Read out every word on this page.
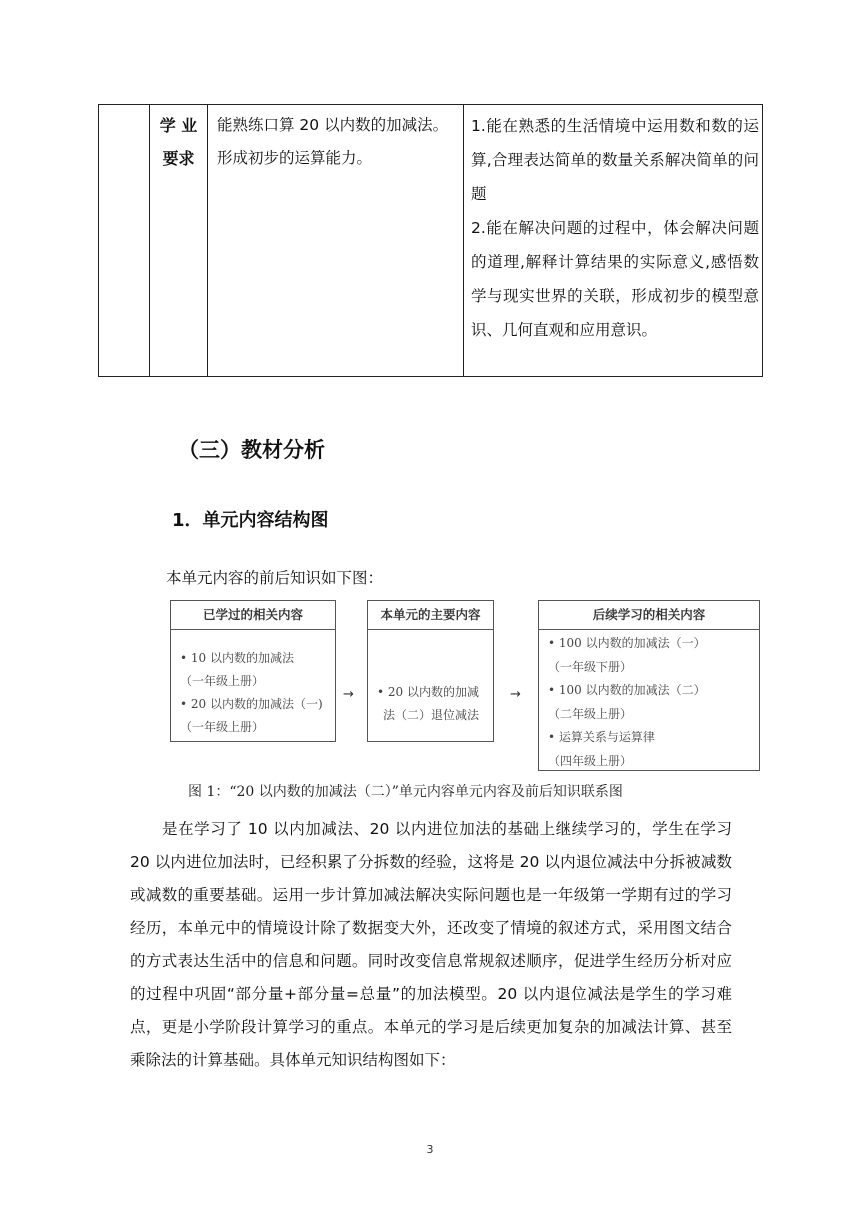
学 业
要求
能熟练口算 20 以内数的加减法。形成初步的运算能力。

1.能在熟悉的生活情境中运用数和数的运算,合理表达简单的数量关系解决简单的问题

2.能在解决问题的过程中，体会解决问题的道理,解释计算结果的实际意义,感悟数学与现实世界的关联，形成初步的模型意识、几何直观和应用意识。

（三）教材分析
1．单元内容结构图
本单元内容的前后知识如下图：
已学过的相关内容
• 10 以内数的加减法
（一年级上册）
• 20 以内数的加减法（一)
（一年级上册）
→
本单元的主要内容
• 20 以内数的加减
法（二）退位减法
→
后续学习的相关内容
• 100 以内数的加减法（一）
（一年级下册）
• 100 以内数的加减法（二）
（二年级上册）
• 运算关系与运算律
（四年级上册）
图 1：“20 以内数的加减法（二）”单元内容单元内容及前后知识联系图

是在学习了 10 以内加减法、20 以内进位加法的基础上继续学习的，学生在学习 20 以内进位加法时，已经积累了分拆数的经验，这将是 20 以内退位减法中分拆被减数或减数的重要基础。运用一步计算加减法解决实际问题也是一年级第一学期有过的学习经历，本单元中的情境设计除了数据变大外，还改变了情境的叙述方式，采用图文结合的方式表达生活中的信息和问题。同时改变信息常规叙述顺序，促进学生经历分析对应的过程中巩固“部分量+部分量=总量”的加法模型。20 以内退位减法是学生的学习难点，更是小学阶段计算学习的重点。本单元的学习是后续更加复杂的加减法计算、甚至乘除法的计算基础。具体单元知识结构图如下：

3
